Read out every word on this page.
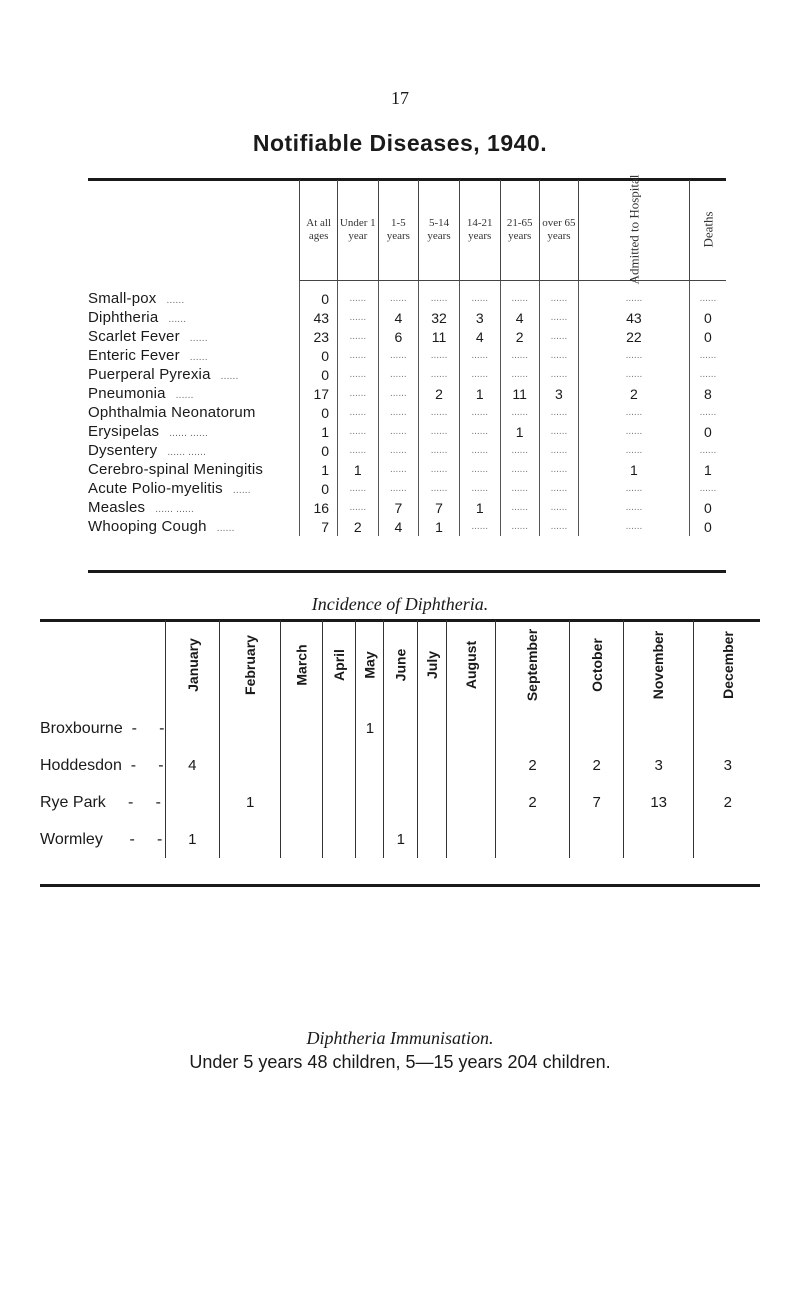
17
Notifiable Diseases, 1940.
	At all ages	Under 1 year	1-5 years	5-14 years	14-21 years	21-65 years	over 65 years	Admitted to Hospital	Deaths

Small-pox ......	0	......	......	......	......	......	......	......	......
Diphtheria ......	43	......	4	32	3	4	......	43	0
Scarlet Fever ......	23	......	6	11	4	2	......	22	0
Enteric Fever ......	0	......	......	......	......	......	......	......	......
Puerperal Pyrexia ......	0	......	......	......	......	......	......	......	......
Pneumonia ......	17	......	......	2	1	11	3	2	8
Ophthalmia Neonatorum	0	......	......	......	......	......	......	......	......
Erysipelas ...... ......	1	......	......	......	......	1	......	......	0
Dysentery ...... ......	0	......	......	......	......	......	......	......	......
Cerebro-spinal Meningitis	1	1	......	......	......	......	......	1	1
Acute Polio-myelitis ......	0	......	......	......	......	......	......	......	......
Measles ...... ......	16	......	7	7	1	......	......	......	0
Whooping Cough ......	7	2	4	1	......	......	......	......	0
Incidence of Diphtheria.
	January	February	March	April	May	June	July	August	September	October	November	December
Broxbourne  -     -					1							
Hoddesdon  -     -	4								2	2	3	3
Rye Park     -     -		1							2	7	13	2
Wormley      -     -	1					1						
Diphtheria Immunisation.
Under 5 years 48 children, 5—15 years 204 children.
